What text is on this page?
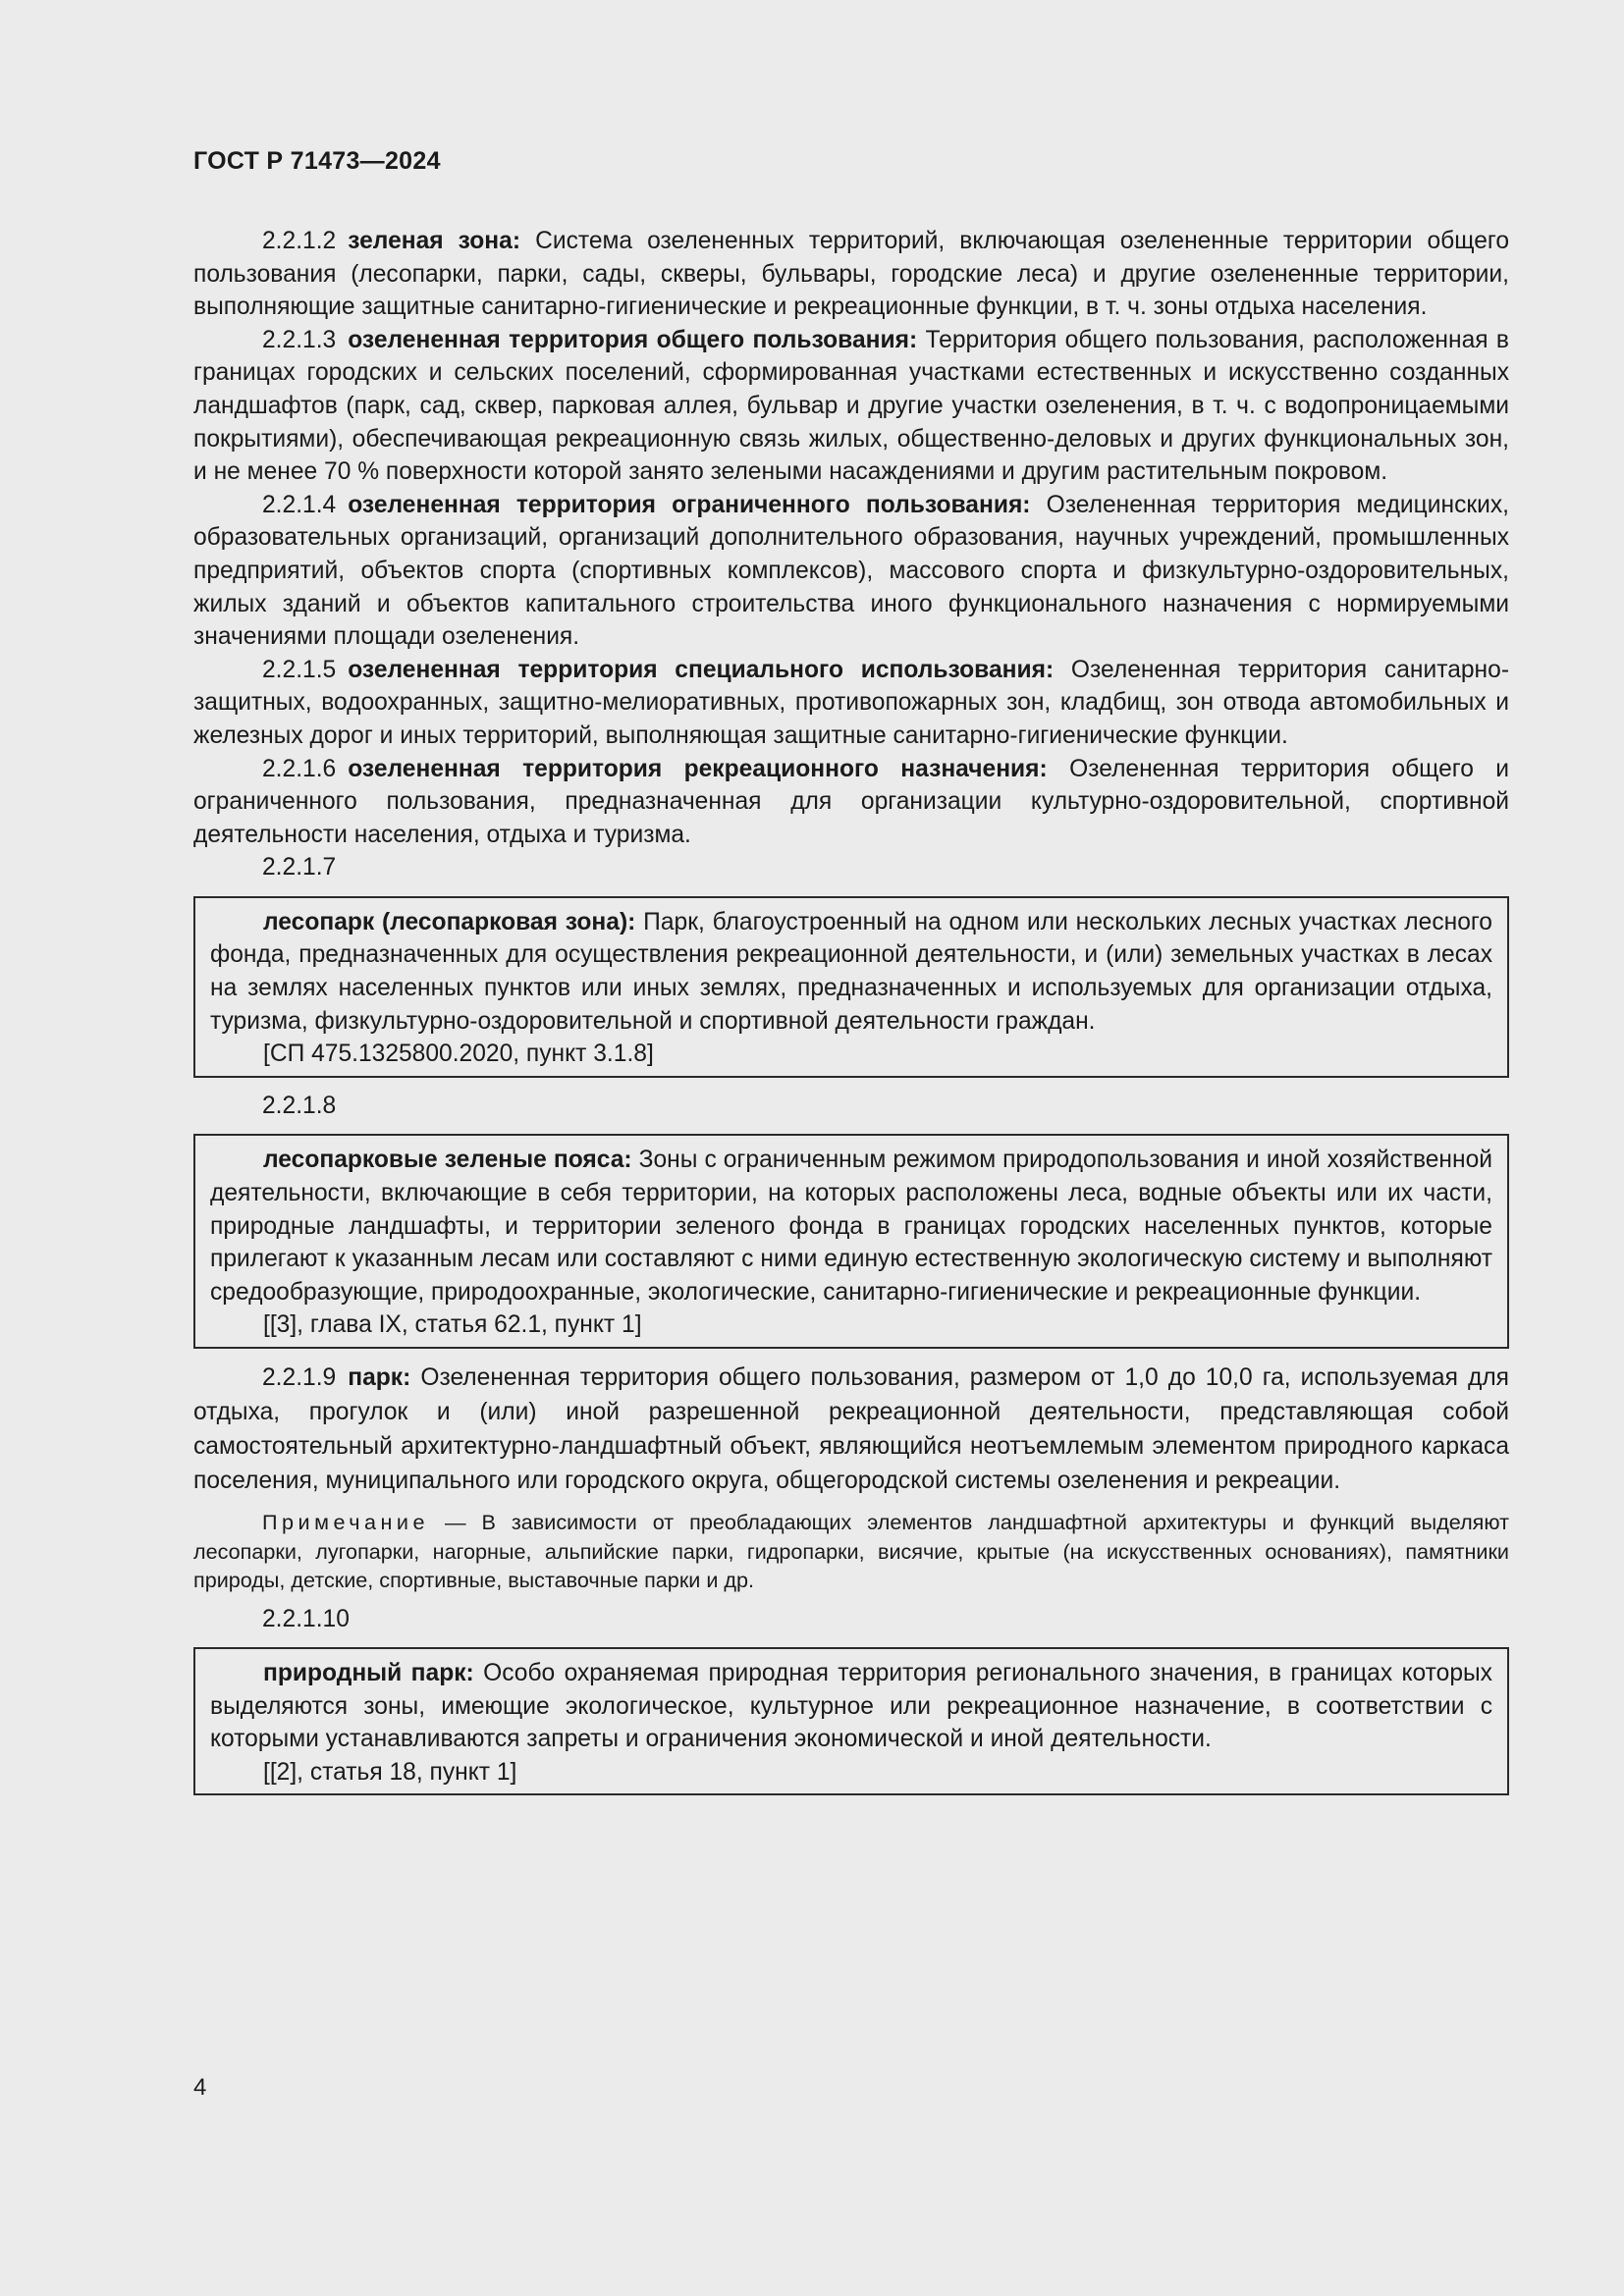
ГОСТ Р 71473—2024

2.2.1.2 зеленая зона: Система озелененных территорий, включающая озелененные территории общего пользования (лесопарки, парки, сады, скверы, бульвары, городские леса) и другие озелененные территории, выполняющие защитные санитарно-гигиенические и рекреационные функции, в т. ч. зоны отдыха населения.

2.2.1.3 озелененная территория общего пользования: Территория общего пользования, расположенная в границах городских и сельских поселений, сформированная участками естественных и искусственно созданных ландшафтов (парк, сад, сквер, парковая аллея, бульвар и другие участки озеленения, в т. ч. с водопроницаемыми покрытиями), обеспечивающая рекреационную связь жилых, общественно-деловых и других функциональных зон, и не менее 70 % поверхности которой занято зелеными насаждениями и другим растительным покровом.

2.2.1.4 озелененная территория ограниченного пользования: Озелененная территория медицинских, образовательных организаций, организаций дополнительного образования, научных учреждений, промышленных предприятий, объектов спорта (спортивных комплексов), массового спорта и физкультурно-оздоровительных, жилых зданий и объектов капитального строительства иного функционального назначения с нормируемыми значениями площади озеленения.

2.2.1.5 озелененная территория специального использования: Озелененная территория санитарно-защитных, водоохранных, защитно-мелиоративных, противопожарных зон, кладбищ, зон отвода автомобильных и железных дорог и иных территорий, выполняющая защитные санитарно-гигиенические функции.

2.2.1.6 озелененная территория рекреационного назначения: Озелененная территория общего и ограниченного пользования, предназначенная для организации культурно-оздоровительной, спортивной деятельности населения, отдыха и туризма.

2.2.1.7

лесопарк (лесопарковая зона): Парк, благоустроенный на одном или нескольких лесных участках лесного фонда, предназначенных для осуществления рекреационной деятельности, и (или) земельных участках в лесах на землях населенных пунктов или иных землях, предназначенных и используемых для организации отдыха, туризма, физкультурно-оздоровительной и спортивной деятельности граждан.

[СП 475.1325800.2020, пункт 3.1.8]

2.2.1.8

лесопарковые зеленые пояса: Зоны с ограниченным режимом природопользования и иной хозяйственной деятельности, включающие в себя территории, на которых расположены леса, водные объекты или их части, природные ландшафты, и территории зеленого фонда в границах городских населенных пунктов, которые прилегают к указанным лесам или составляют с ними единую естественную экологическую систему и выполняют средообразующие, природоохранные, экологические, санитарно-гигиенические и рекреационные функции.

[[3], глава IX, статья 62.1, пункт 1]

2.2.1.9 парк: Озелененная территория общего пользования, размером от 1,0 до 10,0 га, используемая для отдыха, прогулок и (или) иной разрешенной рекреационной деятельности, представляющая собой самостоятельный архитектурно-ландшафтный объект, являющийся неотъемлемым элементом природного каркаса поселения, муниципального или городского округа, общегородской системы озеленения и рекреации.

Примечание — В зависимости от преобладающих элементов ландшафтной архитектуры и функций выделяют лесопарки, лугопарки, нагорные, альпийские парки, гидропарки, висячие, крытые (на искусственных основаниях), памятники природы, детские, спортивные, выставочные парки и др.

2.2.1.10

природный парк: Особо охраняемая природная территория регионального значения, в границах которых выделяются зоны, имеющие экологическое, культурное или рекреационное назначение, в соответствии с которыми устанавливаются запреты и ограничения экономической и иной деятельности.

[[2], статья 18, пункт 1]

4
